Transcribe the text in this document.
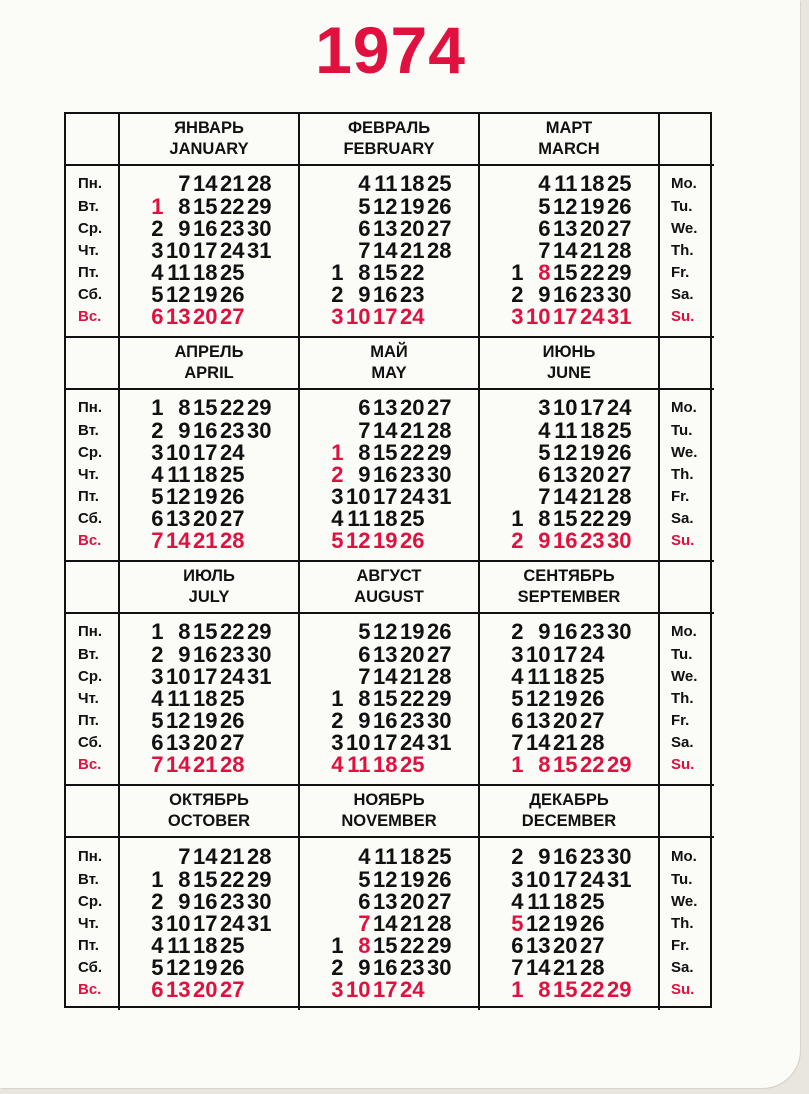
1974
ЯНВАРЬ
JANUARY
ФЕВРАЛЬ
FEBRUARY
МАРТ
MARCH
Пн.
Вт.
Ср.
Чт.
Пт.
Сб.
Вс.
7 14 21 28
1 8 15 22 29
2 9 16 23 30
3 10 17 24 31
4 11 18 25
5 12 19 26
6 13 20 27
4 11 18 25
5 12 19 26
6 13 20 27
7 14 21 28
1 8 15 22
2 9 16 23
3 10 17 24
4 11 18 25
5 12 19 26
6 13 20 27
7 14 21 28
1 8 15 22 29
2 9 16 23 30
3 10 17 24 31
Mo.
Tu.
We.
Th.
Fr.
Sa.
Su.
АПРЕЛЬ
APRIL
МАЙ
MAY
ИЮНЬ
JUNE
Пн.
Вт.
Ср.
Чт.
Пт.
Сб.
Вс.
1 8 15 22 29
2 9 16 23 30
3 10 17 24
4 11 18 25
5 12 19 26
6 13 20 27
7 14 21 28
6 13 20 27
7 14 21 28
1 8 15 22 29
2 9 16 23 30
3 10 17 24 31
4 11 18 25
5 12 19 26
3 10 17 24
4 11 18 25
5 12 19 26
6 13 20 27
7 14 21 28
1 8 15 22 29
2 9 16 23 30
Mo.
Tu.
We.
Th.
Fr.
Sa.
Su.
ИЮЛЬ
JULY
АВГУСТ
AUGUST
СЕНТЯБРЬ
SEPTEMBER
Пн.
Вт.
Ср.
Чт.
Пт.
Сб.
Вс.
1 8 15 22 29
2 9 16 23 30
3 10 17 24 31
4 11 18 25
5 12 19 26
6 13 20 27
7 14 21 28
5 12 19 26
6 13 20 27
7 14 21 28
1 8 15 22 29
2 9 16 23 30
3 10 17 24 31
4 11 18 25
2 9 16 23 30
3 10 17 24
4 11 18 25
5 12 19 26
6 13 20 27
7 14 21 28
1 8 15 22 29
Mo.
Tu.
We.
Th.
Fr.
Sa.
Su.
ОКТЯБРЬ
OCTOBER
НОЯБРЬ
NOVEMBER
ДЕКАБРЬ
DECEMBER
Пн.
Вт.
Ср.
Чт.
Пт.
Сб.
Вс.
7 14 21 28
1 8 15 22 29
2 9 16 23 30
3 10 17 24 31
4 11 18 25
5 12 19 26
6 13 20 27
4 11 18 25
5 12 19 26
6 13 20 27
7 14 21 28
1 8 15 22 29
2 9 16 23 30
3 10 17 24
2 9 16 23 30
3 10 17 24 31
4 11 18 25
5 12 19 26
6 13 20 27
7 14 21 28
1 8 15 22 29
Mo.
Tu.
We.
Th.
Fr.
Sa.
Su.
